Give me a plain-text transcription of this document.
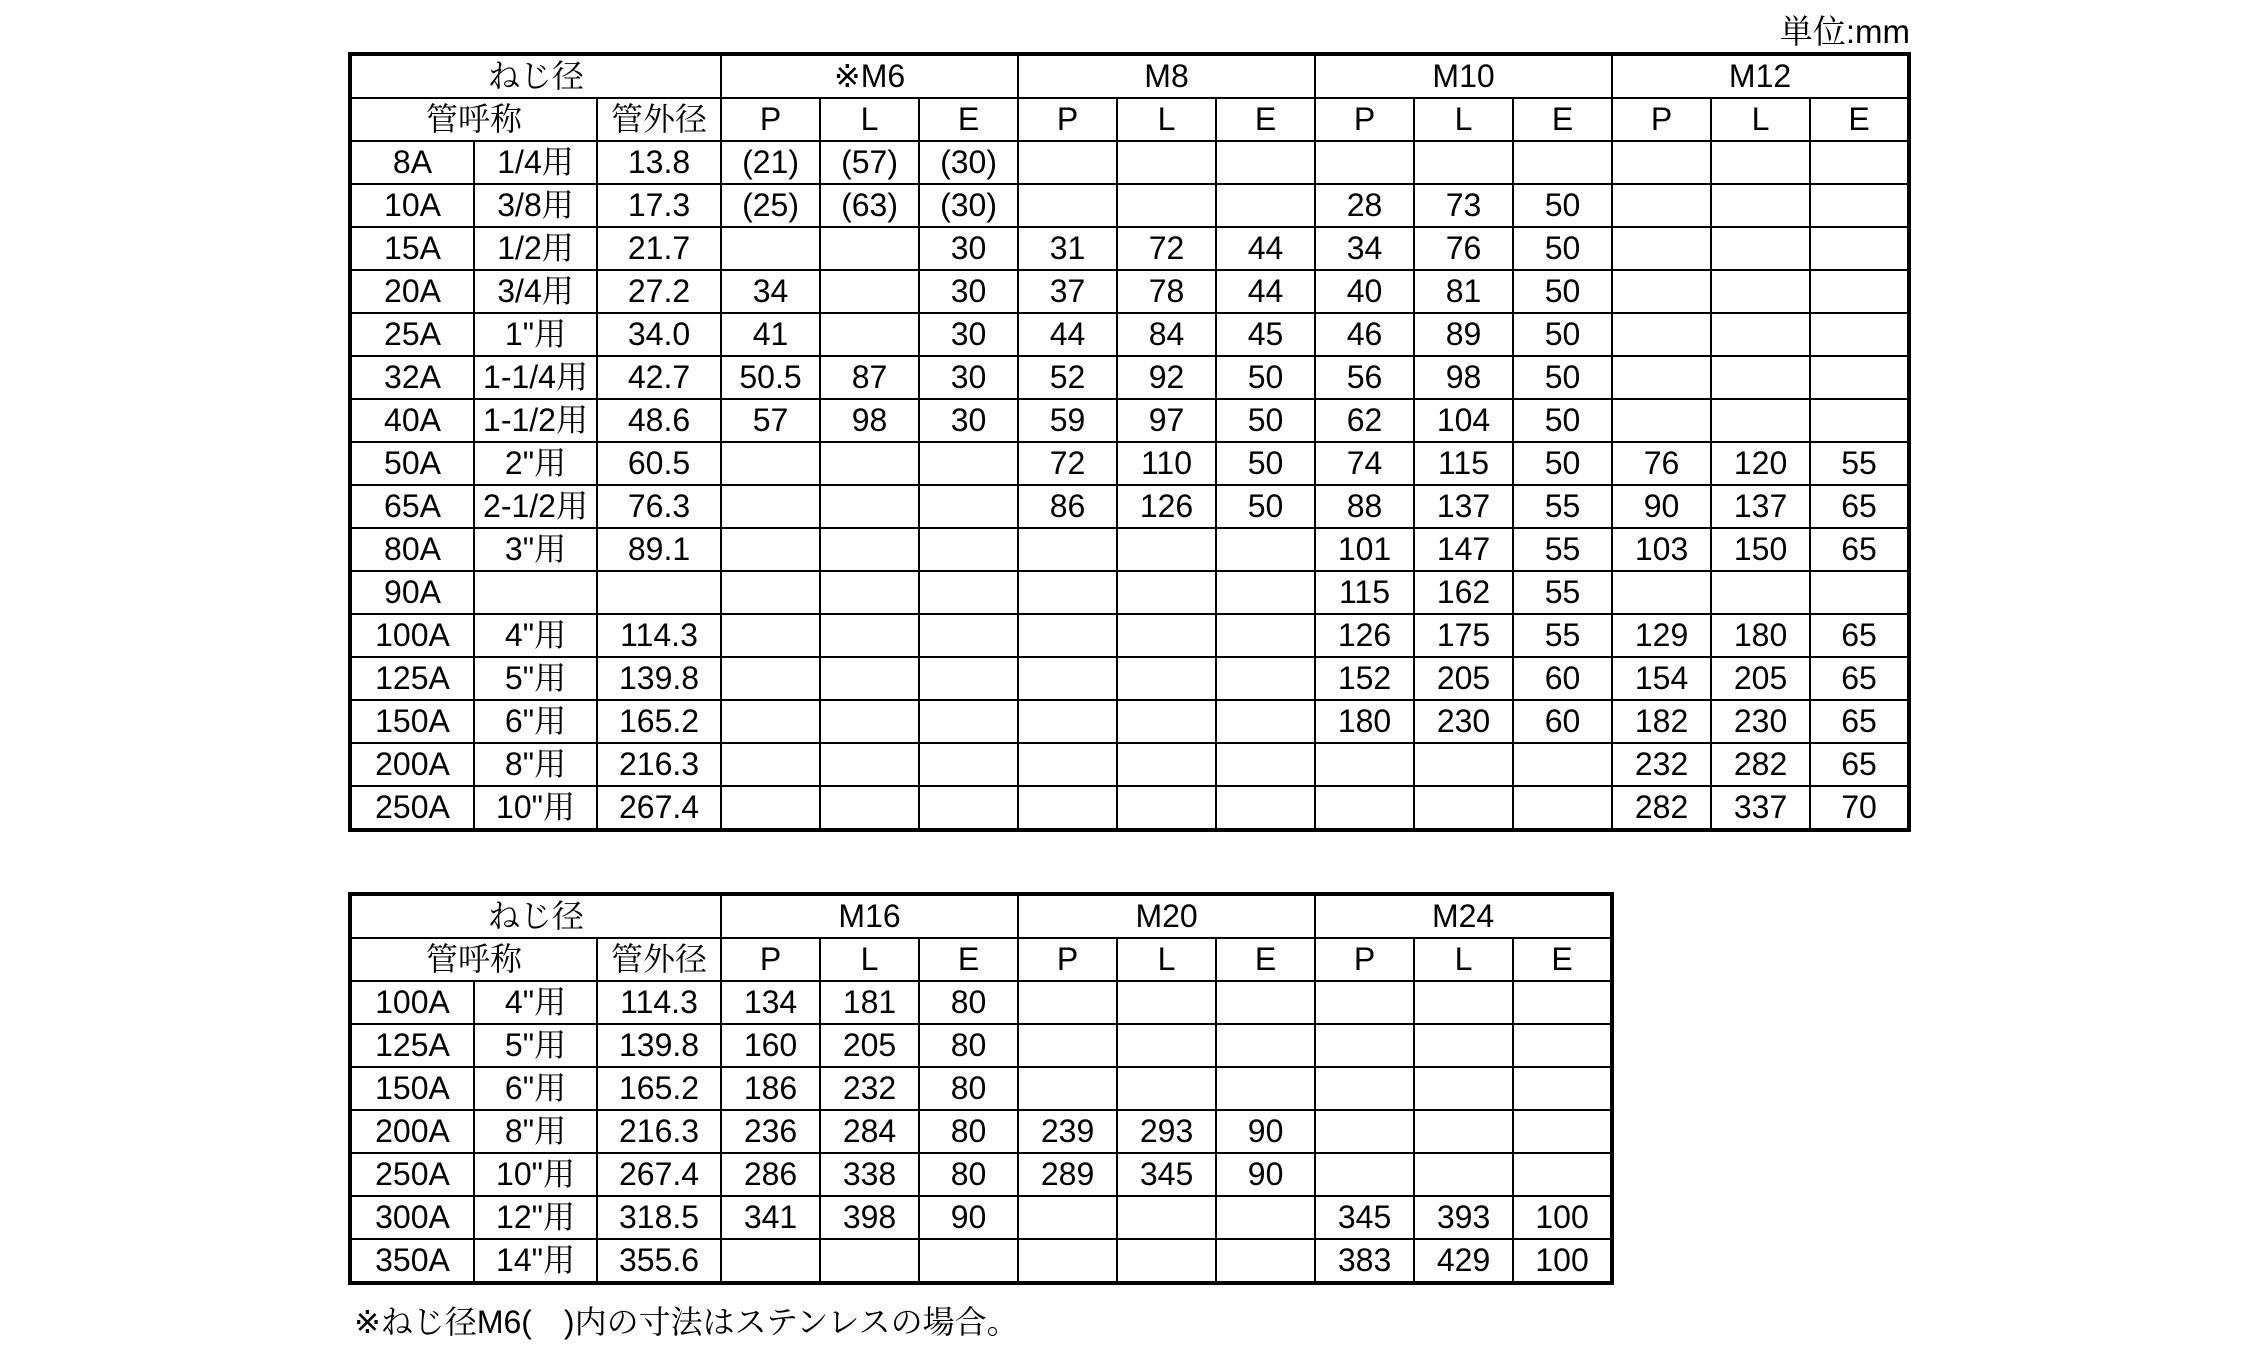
単位:mm
ねじ径			※M6			M8			M10			M12		
管呼称		管外径	P	L	E	P	L	E	P	L	E	P	L	E
8A	1/4用	13.8	(21)	(57)	(30)									
10A	3/8用	17.3	(25)	(63)	(30)				28	73	50			
15A	1/2用	21.7			30	31	72	44	34	76	50			
20A	3/4用	27.2	34		30	37	78	44	40	81	50			
25A	1"用	34.0	41		30	44	84	45	46	89	50			
32A	1-1/4用	42.7	50.5	87	30	52	92	50	56	98	50			
40A	1-1/2用	48.6	57	98	30	59	97	50	62	104	50			
50A	2"用	60.5				72	110	50	74	115	50	76	120	55
65A	2-1/2用	76.3				86	126	50	88	137	55	90	137	65
80A	3"用	89.1							101	147	55	103	150	65
90A									115	162	55			
100A	4"用	114.3							126	175	55	129	180	65
125A	5"用	139.8							152	205	60	154	205	65
150A	6"用	165.2							180	230	60	182	230	65
200A	8"用	216.3										232	282	65
250A	10"用	267.4										282	337	70
ねじ径			M16			M20			M24		
管呼称		管外径	P	L	E	P	L	E	P	L	E
100A	4"用	114.3	134	181	80						
125A	5"用	139.8	160	205	80						
150A	6"用	165.2	186	232	80						
200A	8"用	216.3	236	284	80	239	293	90			
250A	10"用	267.4	286	338	80	289	345	90			
300A	12"用	318.5	341	398	90				345	393	100
350A	14"用	355.6							383	429	100
※ねじ径M6(　)内の寸法はステンレスの場合。
